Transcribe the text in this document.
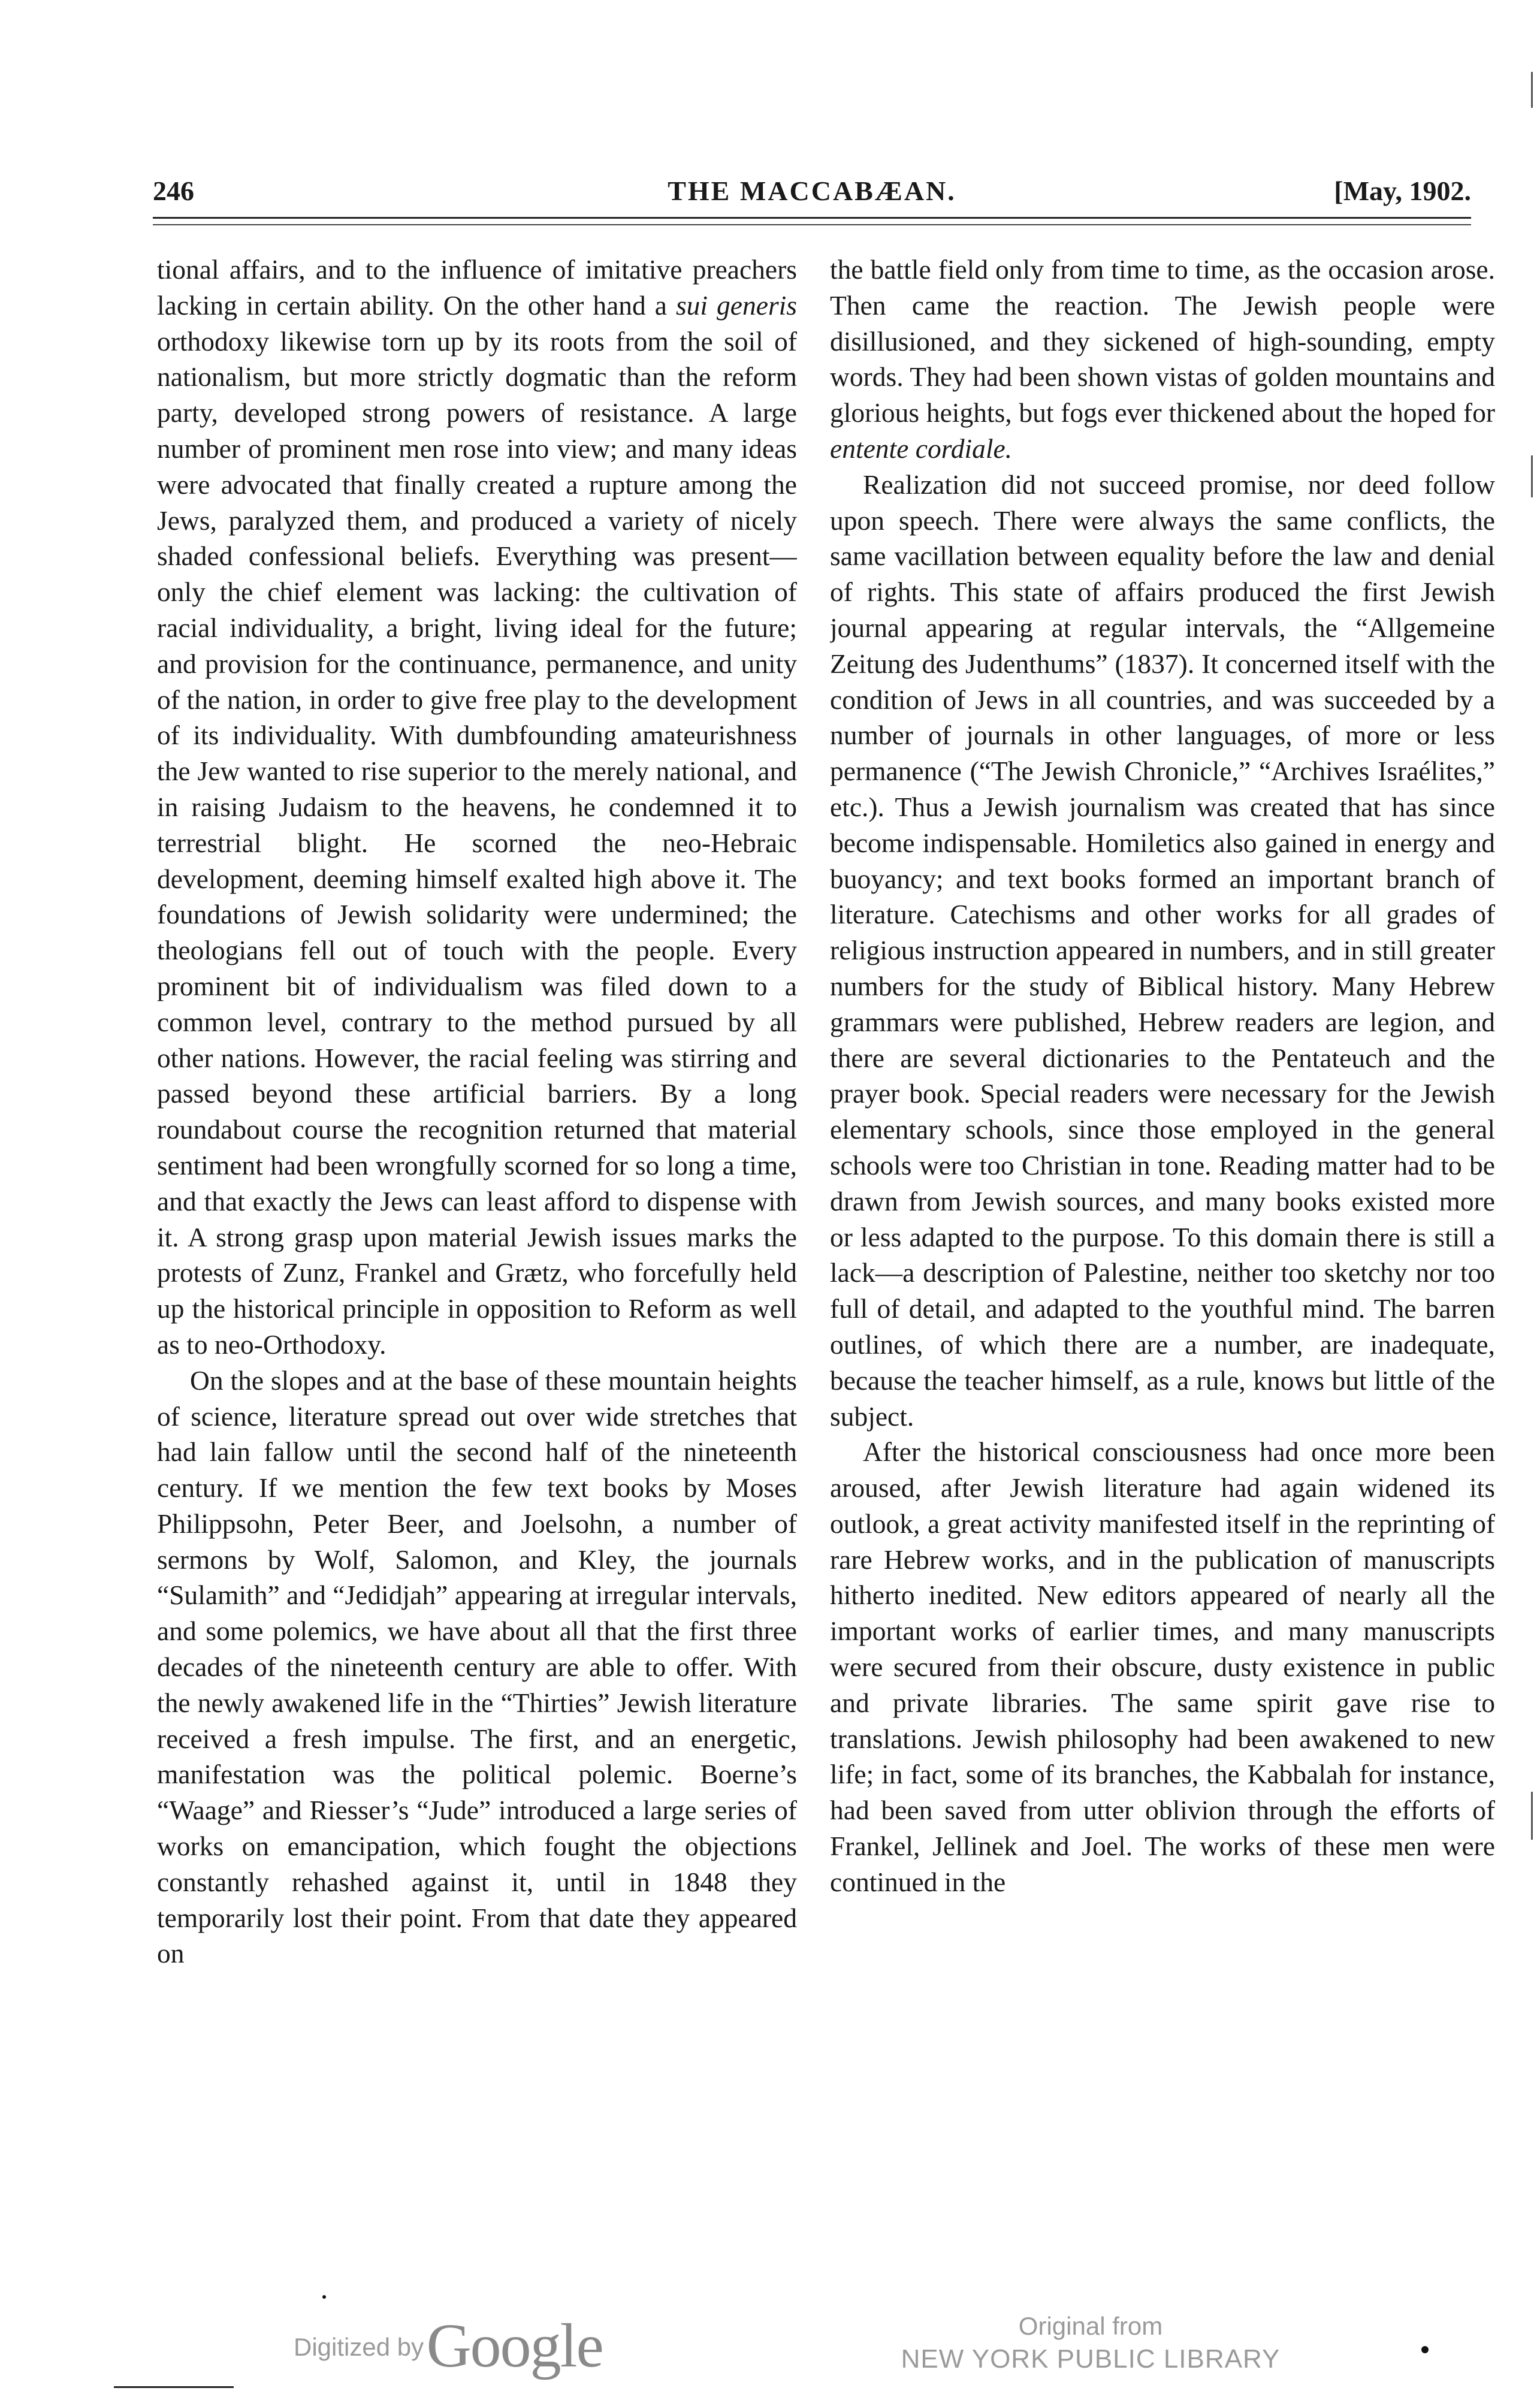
246	THE MACCABÆAN.	[May, 1902.

tional affairs, and to the influence of imitative preachers lacking in certain ability. On the other hand a sui generis orthodoxy likewise torn up by its roots from the soil of nationalism, but more strictly dogmatic than the reform party, developed strong powers of resistance. A large number of prominent men rose into view; and many ideas were advocated that finally created a rupture among the Jews, paralyzed them, and produced a variety of nicely shaded confessional beliefs. Everything was present—only the chief element was lacking: the cultivation of racial individuality, a bright, living ideal for the future; and provision for the continuance, permanence, and unity of the nation, in order to give free play to the development of its individuality. With dumbfounding amateurishness the Jew wanted to rise superior to the merely national, and in raising Judaism to the heavens, he condemned it to terrestrial blight. He scorned the neo-Hebraic development, deeming himself exalted high above it. The foundations of Jewish solidarity were undermined; the theologians fell out of touch with the people. Every prominent bit of individualism was filed down to a common level, contrary to the method pursued by all other nations. However, the racial feeling was stirring and passed beyond these artificial barriers. By a long roundabout course the recognition returned that material sentiment had been wrongfully scorned for so long a time, and that exactly the Jews can least afford to dispense with it. A strong grasp upon material Jewish issues marks the protests of Zunz, Frankel and Grætz, who forcefully held up the historical principle in opposition to Reform as well as to neo-Orthodoxy.

On the slopes and at the base of these mountain heights of science, literature spread out over wide stretches that had lain fallow until the second half of the nineteenth century. If we mention the few text books by Moses Philippsohn, Peter Beer, and Joelsohn, a number of sermons by Wolf, Salomon, and Kley, the journals “Sulamith” and “Jedidjah” appearing at irregular intervals, and some polemics, we have about all that the first three decades of the nineteenth century are able to offer. With the newly awakened life in the “Thirties” Jewish literature received a fresh impulse. The first, and an energetic, manifestation was the political polemic. Boerne’s “Waage” and Riesser’s “Jude” introduced a large series of works on emancipation, which fought the objections constantly rehashed against it, until in 1848 they temporarily lost their point. From that date they appeared on

the battle field only from time to time, as the occasion arose. Then came the reaction. The Jewish people were disillusioned, and they sickened of high-sounding, empty words. They had been shown vistas of golden mountains and glorious heights, but fogs ever thickened about the hoped for entente cordiale.

Realization did not succeed promise, nor deed follow upon speech. There were always the same conflicts, the same vacillation between equality before the law and denial of rights. This state of affairs produced the first Jewish journal appearing at regular intervals, the “Allgemeine Zeitung des Judenthums” (1837). It concerned itself with the condition of Jews in all countries, and was succeeded by a number of journals in other languages, of more or less permanence (“The Jewish Chronicle,” “Archives Israélites,” etc.). Thus a Jewish journalism was created that has since become indispensable. Homiletics also gained in energy and buoyancy; and text books formed an important branch of literature. Catechisms and other works for all grades of religious instruction appeared in numbers, and in still greater numbers for the study of Biblical history. Many Hebrew grammars were published, Hebrew readers are legion, and there are several dictionaries to the Pentateuch and the prayer book. Special readers were necessary for the Jewish elementary schools, since those employed in the general schools were too Christian in tone. Reading matter had to be drawn from Jewish sources, and many books existed more or less adapted to the purpose. To this domain there is still a lack—a description of Palestine, neither too sketchy nor too full of detail, and adapted to the youthful mind. The barren outlines, of which there are a number, are inadequate, because the teacher himself, as a rule, knows but little of the subject.

After the historical consciousness had once more been aroused, after Jewish literature had again widened its outlook, a great activity manifested itself in the reprinting of rare Hebrew works, and in the publication of manuscripts hitherto inedited. New editors appeared of nearly all the important works of earlier times, and many manuscripts were secured from their obscure, dusty existence in public and private libraries. The same spirit gave rise to translations. Jewish philosophy had been awakened to new life; in fact, some of its branches, the Kabbalah for instance, had been saved from utter oblivion through the efforts of Frankel, Jellinek and Joel. The works of these men were continued in the

Digitized by Google	Original from
NEW YORK PUBLIC LIBRARY
